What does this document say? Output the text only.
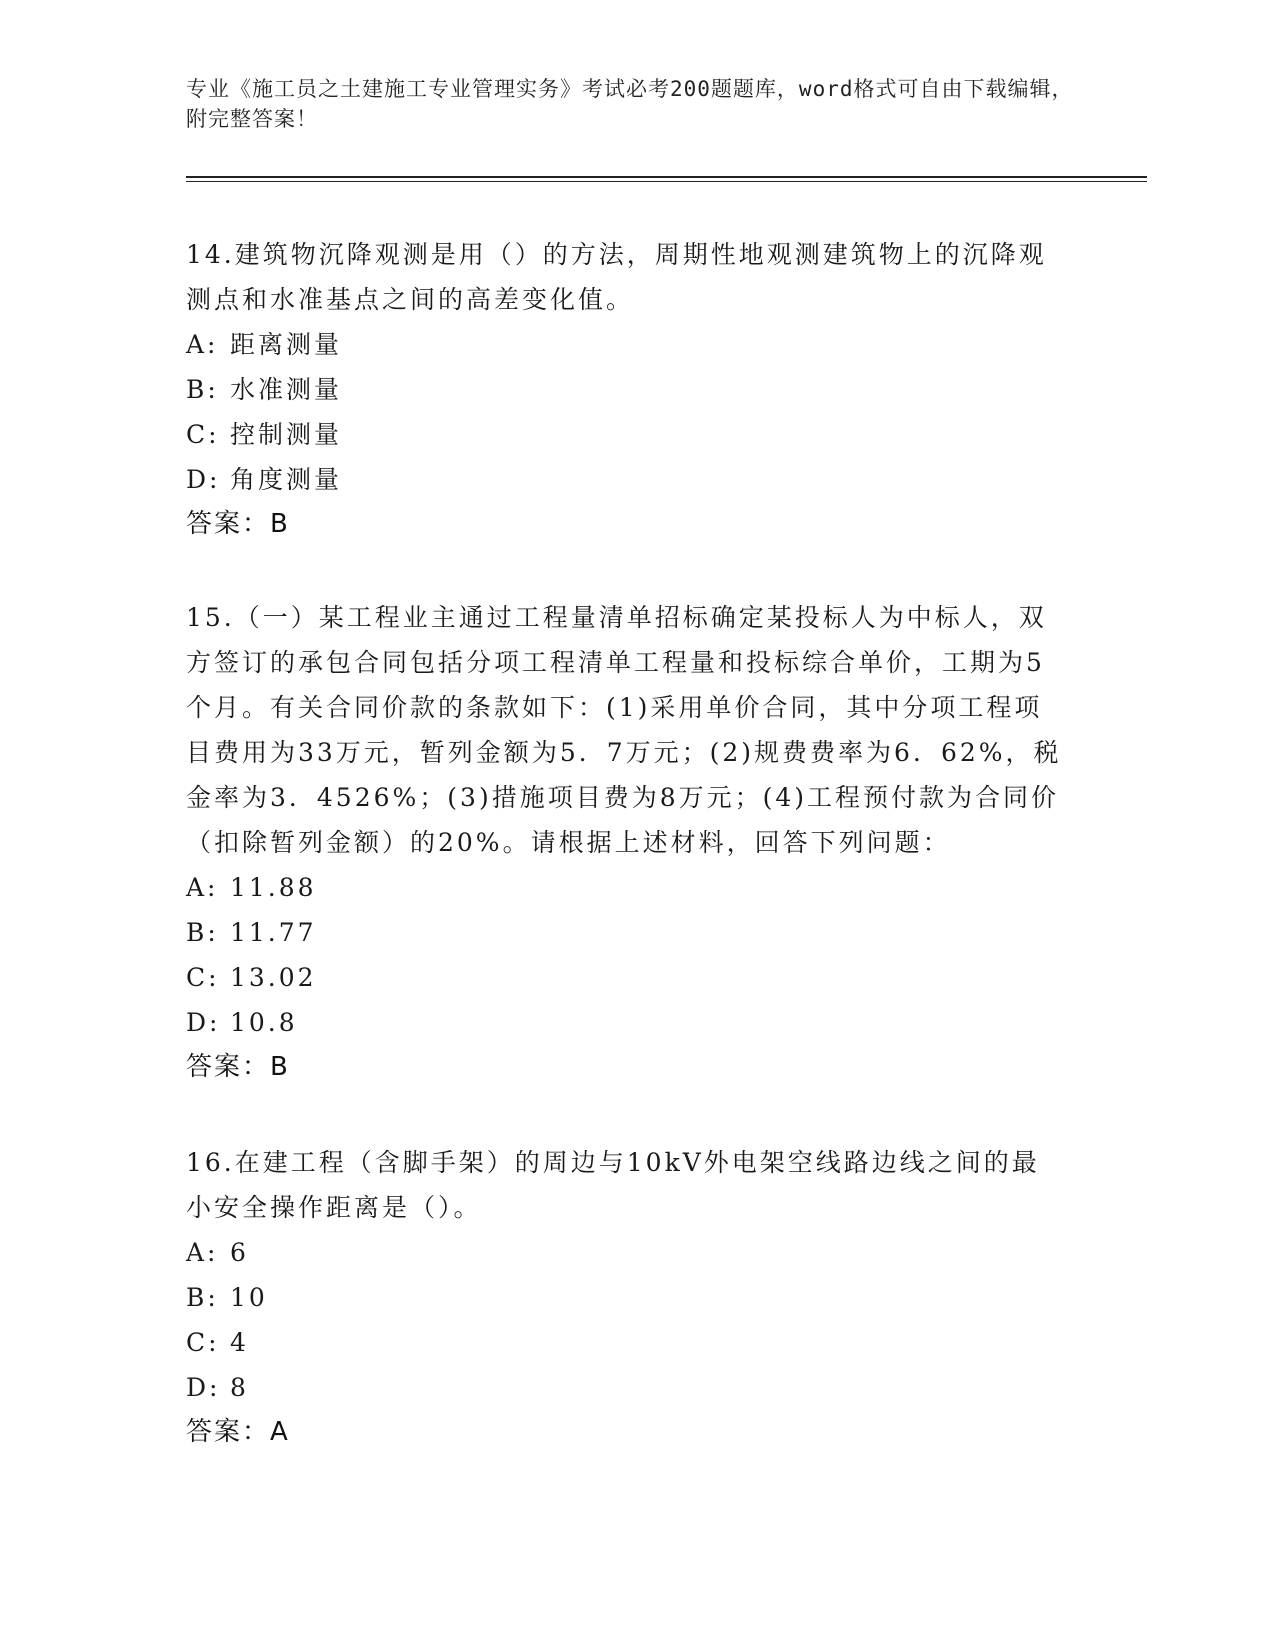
专业《施工员之土建施工专业管理实务》考试必考200题题库，word格式可自由下载编辑，附完整答案！

14.建筑物沉降观测是用（）的方法，周期性地观测建筑物上的沉降观测点和水准基点之间的高差变化值。

A: 距离测量
B: 水准测量
C: 控制测量
D: 角度测量
答案：B

15.（一）某工程业主通过工程量清单招标确定某投标人为中标人，双方签订的承包合同包括分项工程清单工程量和投标综合单价，工期为5个月。有关合同价款的条款如下：(1)采用单价合同，其中分项工程项目费用为33万元，暂列金额为5．7万元；(2)规费费率为6．62%，税金率为3．4526%；(3)措施项目费为8万元；(4)工程预付款为合同价（扣除暂列金额）的20%。请根据上述材料，回答下列问题：

A: 11.88
B: 11.77
C: 13.02
D: 10.8
答案：B

16.在建工程（含脚手架）的周边与10kV外电架空线路边线之间的最小安全操作距离是（）。

A: 6
B: 10
C: 4
D: 8
答案：A
